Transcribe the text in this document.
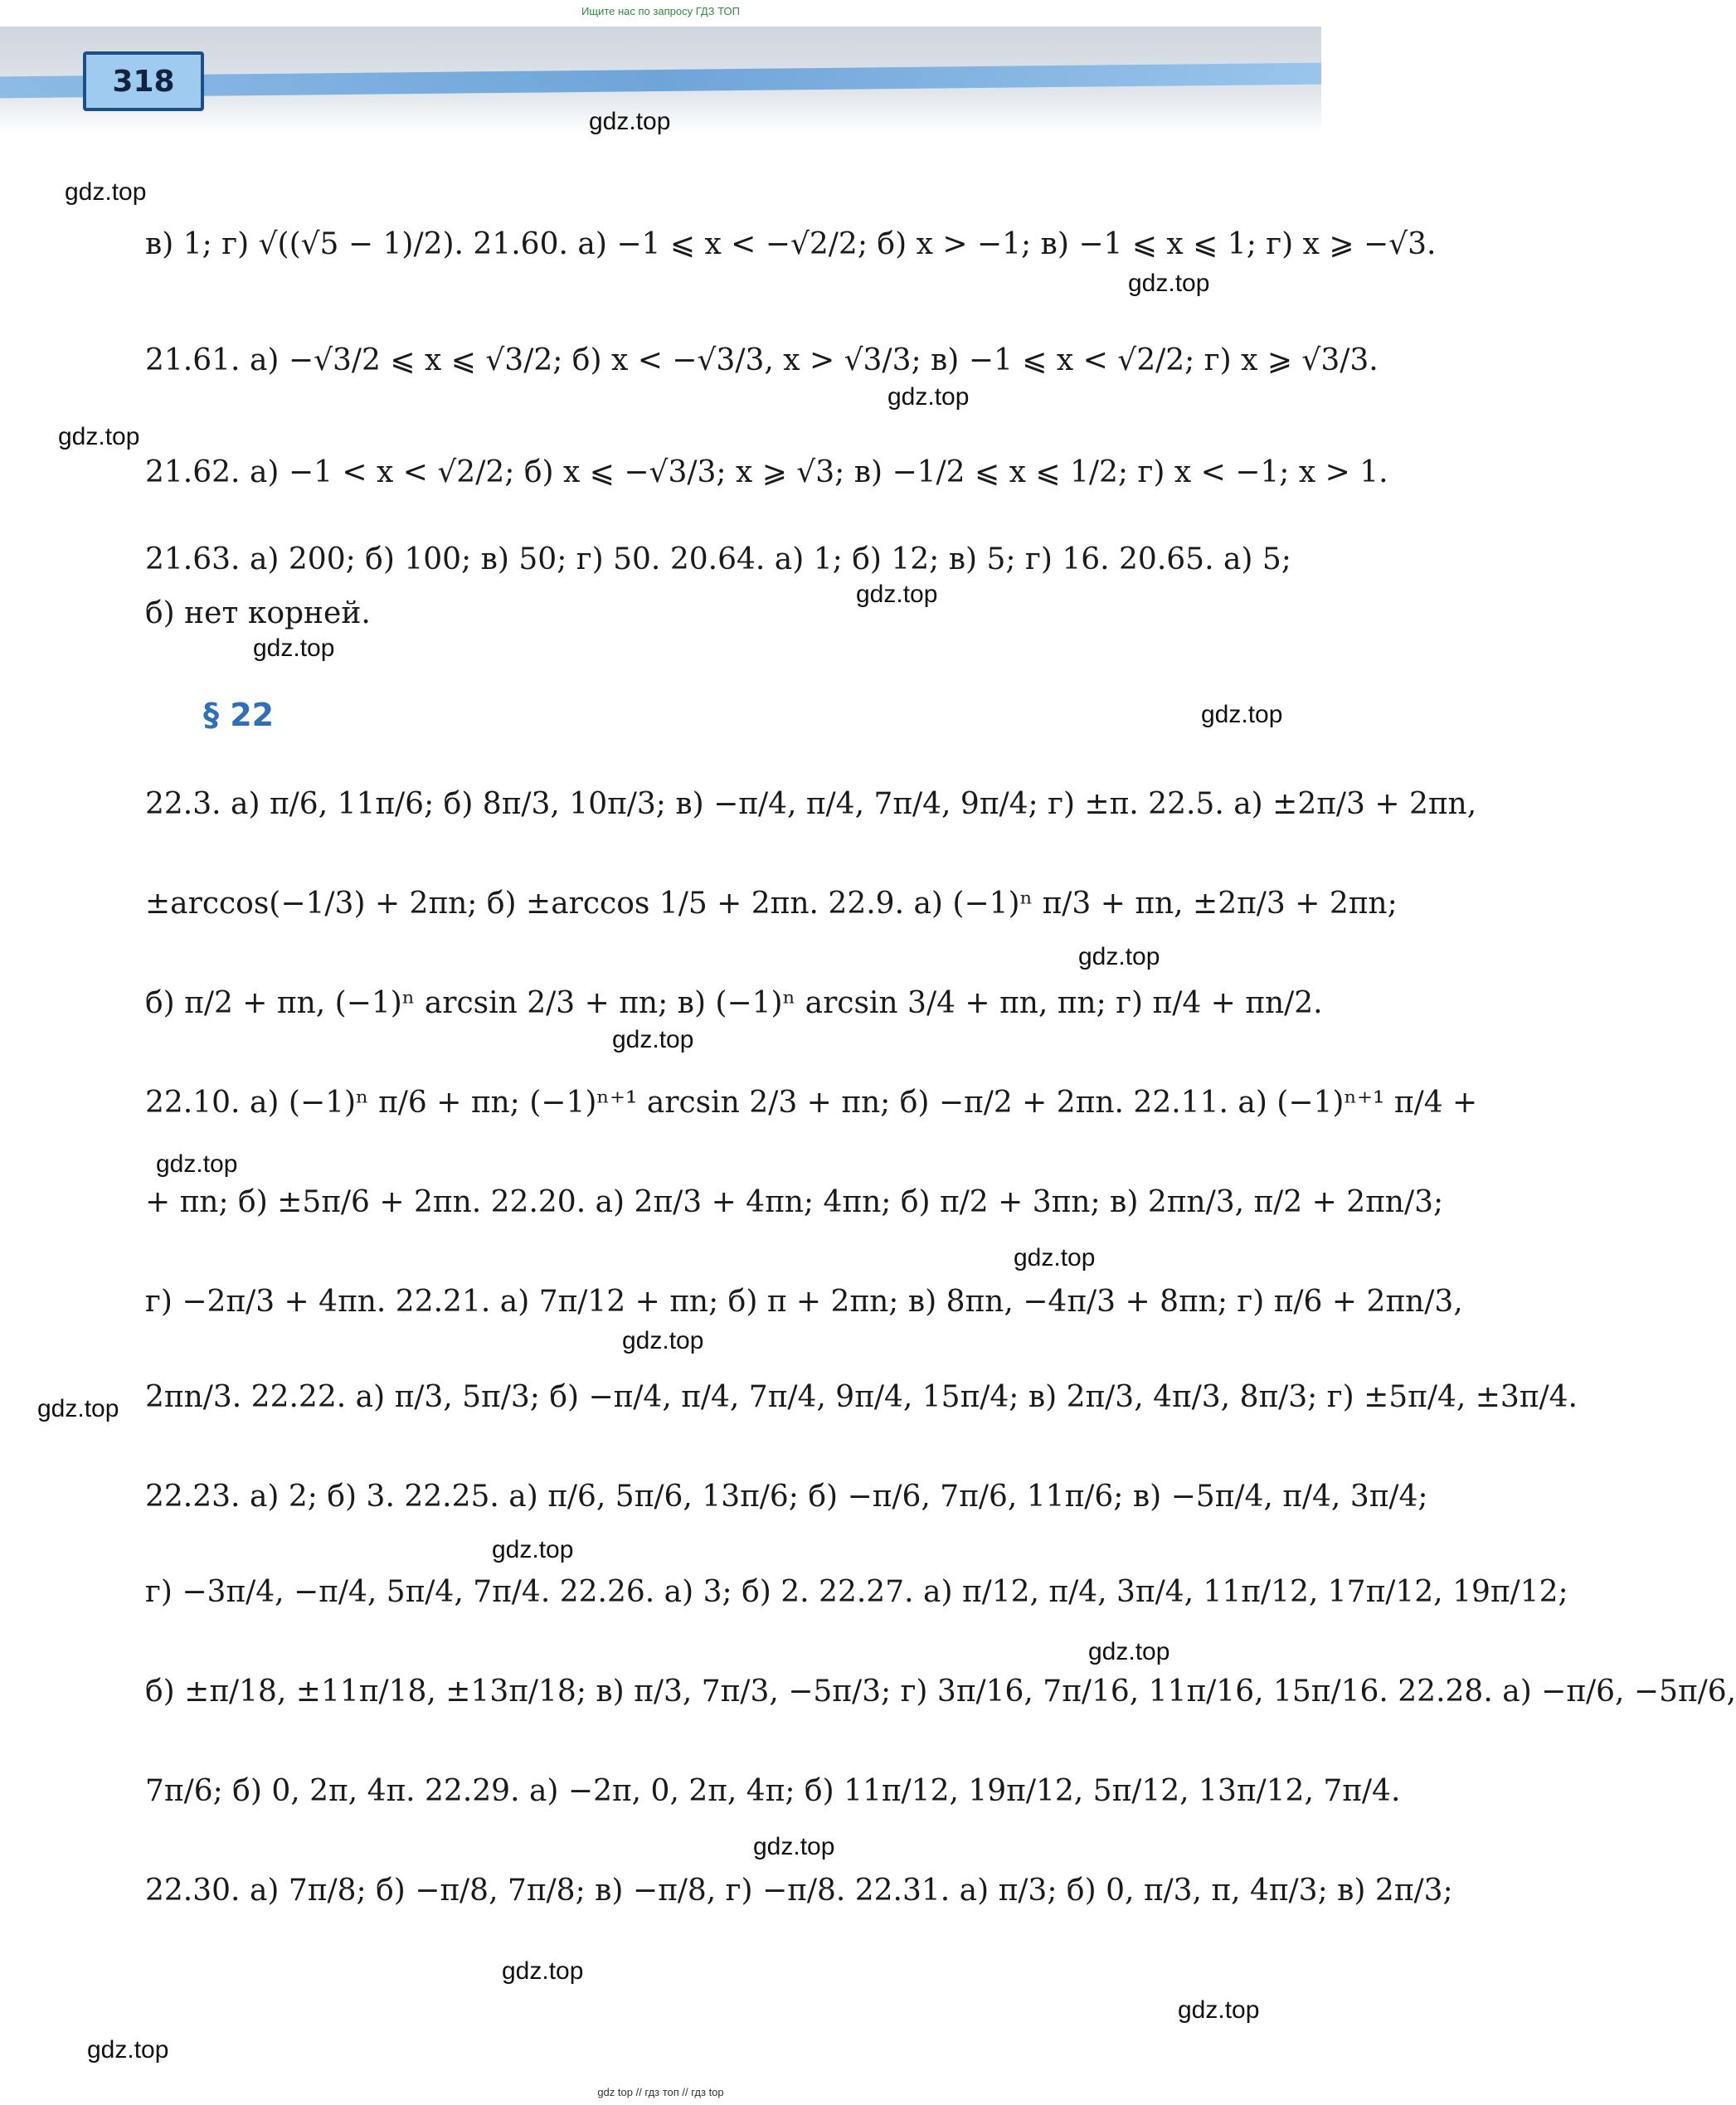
Ищите нас по запросу ГДЗ ТОП
318
gdz.top
gdz.top
gdz.top
gdz.top
gdz.top
gdz.top
gdz.top
gdz.top
gdz.top
gdz.top
gdz.top
gdz.top
gdz.top
gdz.top
gdz.top
gdz.top
gdz.top
gdz.top
gdz.top
gdz.top
в) 1; г) √((√5 − 1)/2). 21.60. а) −1 ⩽ x < −√2/2; б) x > −1; в) −1 ⩽ x ⩽ 1; г) x ⩾ −√3.
21.61. а) −√3/2 ⩽ x ⩽ √3/2; б) x < −√3/3, x > √3/3; в) −1 ⩽ x < √2/2; г) x ⩾ √3/3.
21.62. а) −1 < x < √2/2; б) x ⩽ −√3/3; x ⩾ √3; в) −1/2 ⩽ x ⩽ 1/2; г) x < −1; x > 1.
21.63. а) 200; б) 100; в) 50; г) 50. 20.64. а) 1; б) 12; в) 5; г) 16. 20.65. а) 5;
б) нет корней.
§ 22
22.3. а) π/6, 11π/6; б) 8π/3, 10π/3; в) −π/4, π/4, 7π/4, 9π/4; г) ±π. 22.5. а) ±2π/3 + 2πn,
±arccos(−1/3) + 2πn; б) ±arccos 1/5 + 2πn. 22.9. а) (−1)ⁿ π/3 + πn, ±2π/3 + 2πn;
б) π/2 + πn, (−1)ⁿ arcsin 2/3 + πn; в) (−1)ⁿ arcsin 3/4 + πn, πn; г) π/4 + πn/2.
22.10. а) (−1)ⁿ π/6 + πn; (−1)ⁿ⁺¹ arcsin 2/3 + πn; б) −π/2 + 2πn. 22.11. а) (−1)ⁿ⁺¹ π/4 +
+ πn; б) ±5π/6 + 2πn. 22.20. а) 2π/3 + 4πn; 4πn; б) π/2 + 3πn; в) 2πn/3, π/2 + 2πn/3;
г) −2π/3 + 4πn. 22.21. а) 7π/12 + πn; б) π + 2πn; в) 8πn, −4π/3 + 8πn; г) π/6 + 2πn/3,
2πn/3. 22.22. а) π/3, 5π/3; б) −π/4, π/4, 7π/4, 9π/4, 15π/4; в) 2π/3, 4π/3, 8π/3; г) ±5π/4, ±3π/4.
22.23. а) 2; б) 3. 22.25. а) π/6, 5π/6, 13π/6; б) −π/6, 7π/6, 11π/6; в) −5π/4, π/4, 3π/4;
г) −3π/4, −π/4, 5π/4, 7π/4. 22.26. а) 3; б) 2. 22.27. а) π/12, π/4, 3π/4, 11π/12, 17π/12, 19π/12;
б) ±π/18, ±11π/18, ±13π/18; в) π/3, 7π/3, −5π/3; г) 3π/16, 7π/16, 11π/16, 15π/16. 22.28. а) −π/6, −5π/6,
7π/6; б) 0, 2π, 4π. 22.29. а) −2π, 0, 2π, 4π; б) 11π/12, 19π/12, 5π/12, 13π/12, 7π/4.
22.30. а) 7π/8; б) −π/8, 7π/8; в) −π/8, г) −π/8. 22.31. а) π/3; б) 0, π/3, π, 4π/3; в) 2π/3;
gdz top // гдз топ // гдз top
